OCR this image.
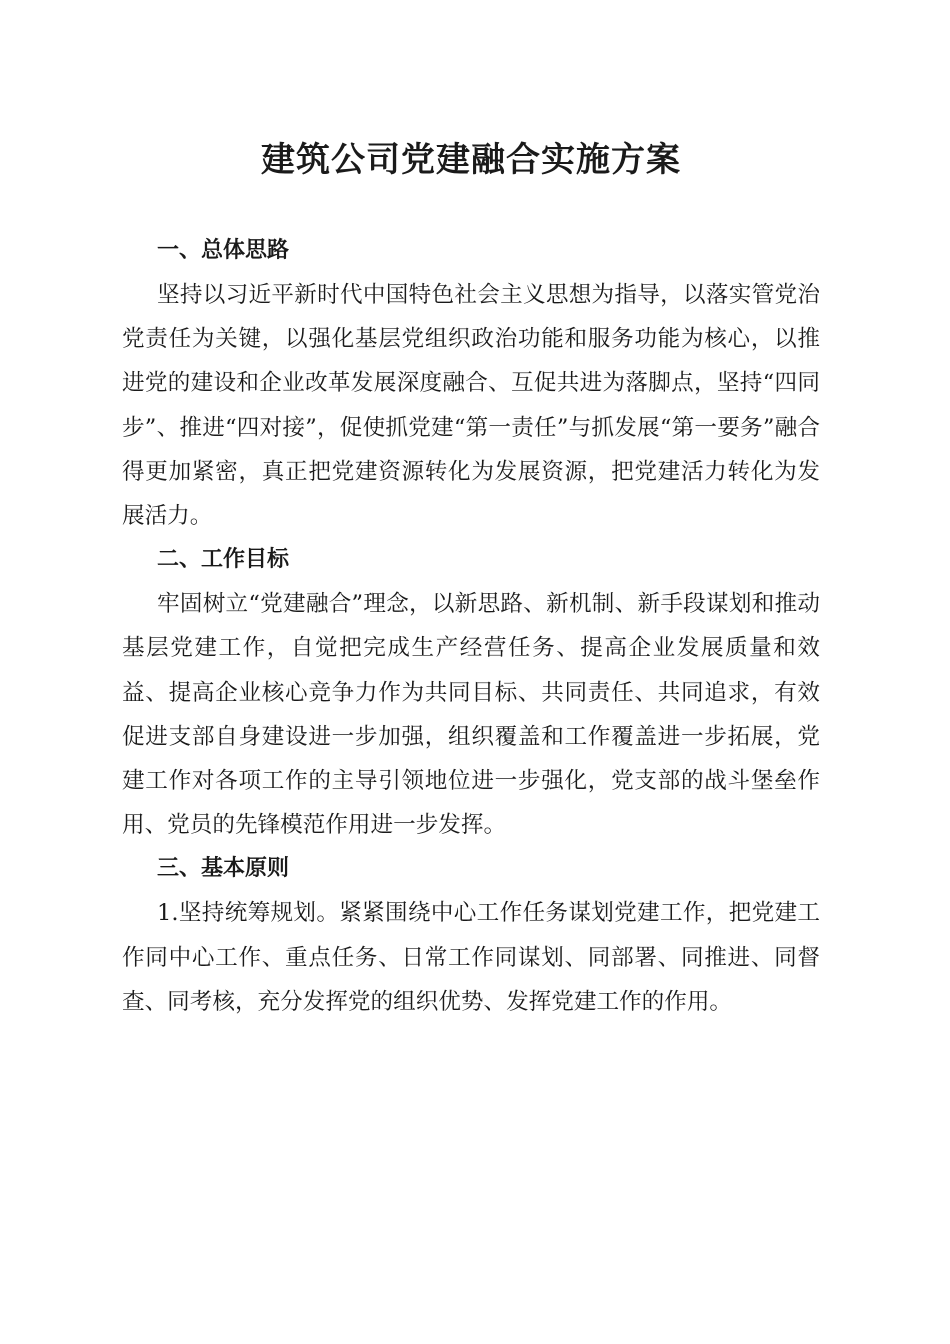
建筑公司党建融合实施方案
一、总体思路

坚持以习近平新时代中国特色社会主义思想为指导，以落实管党治党责任为关键，以强化基层党组织政治功能和服务功能为核心，以推进党的建设和企业改革发展深度融合、互促共进为落脚点，坚持“四同步”、推进“四对接”，促使抓党建“第一责任”与抓发展“第一要务”融合得更加紧密，真正把党建资源转化为发展资源，把党建活力转化为发展活力。

二、工作目标

牢固树立“党建融合”理念，以新思路、新机制、新手段谋划和推动基层党建工作，自觉把完成生产经营任务、提高企业发展质量和效益、提高企业核心竞争力作为共同目标、共同责任、共同追求，有效促进支部自身建设进一步加强，组织覆盖和工作覆盖进一步拓展，党建工作对各项工作的主导引领地位进一步强化，党支部的战斗堡垒作用、党员的先锋模范作用进一步发挥。

三、基本原则

1.坚持统筹规划。紧紧围绕中心工作任务谋划党建工作，把党建工作同中心工作、重点任务、日常工作同谋划、同部署、同推进、同督查、同考核，充分发挥党的组织优势、发挥党建工作的作用。
